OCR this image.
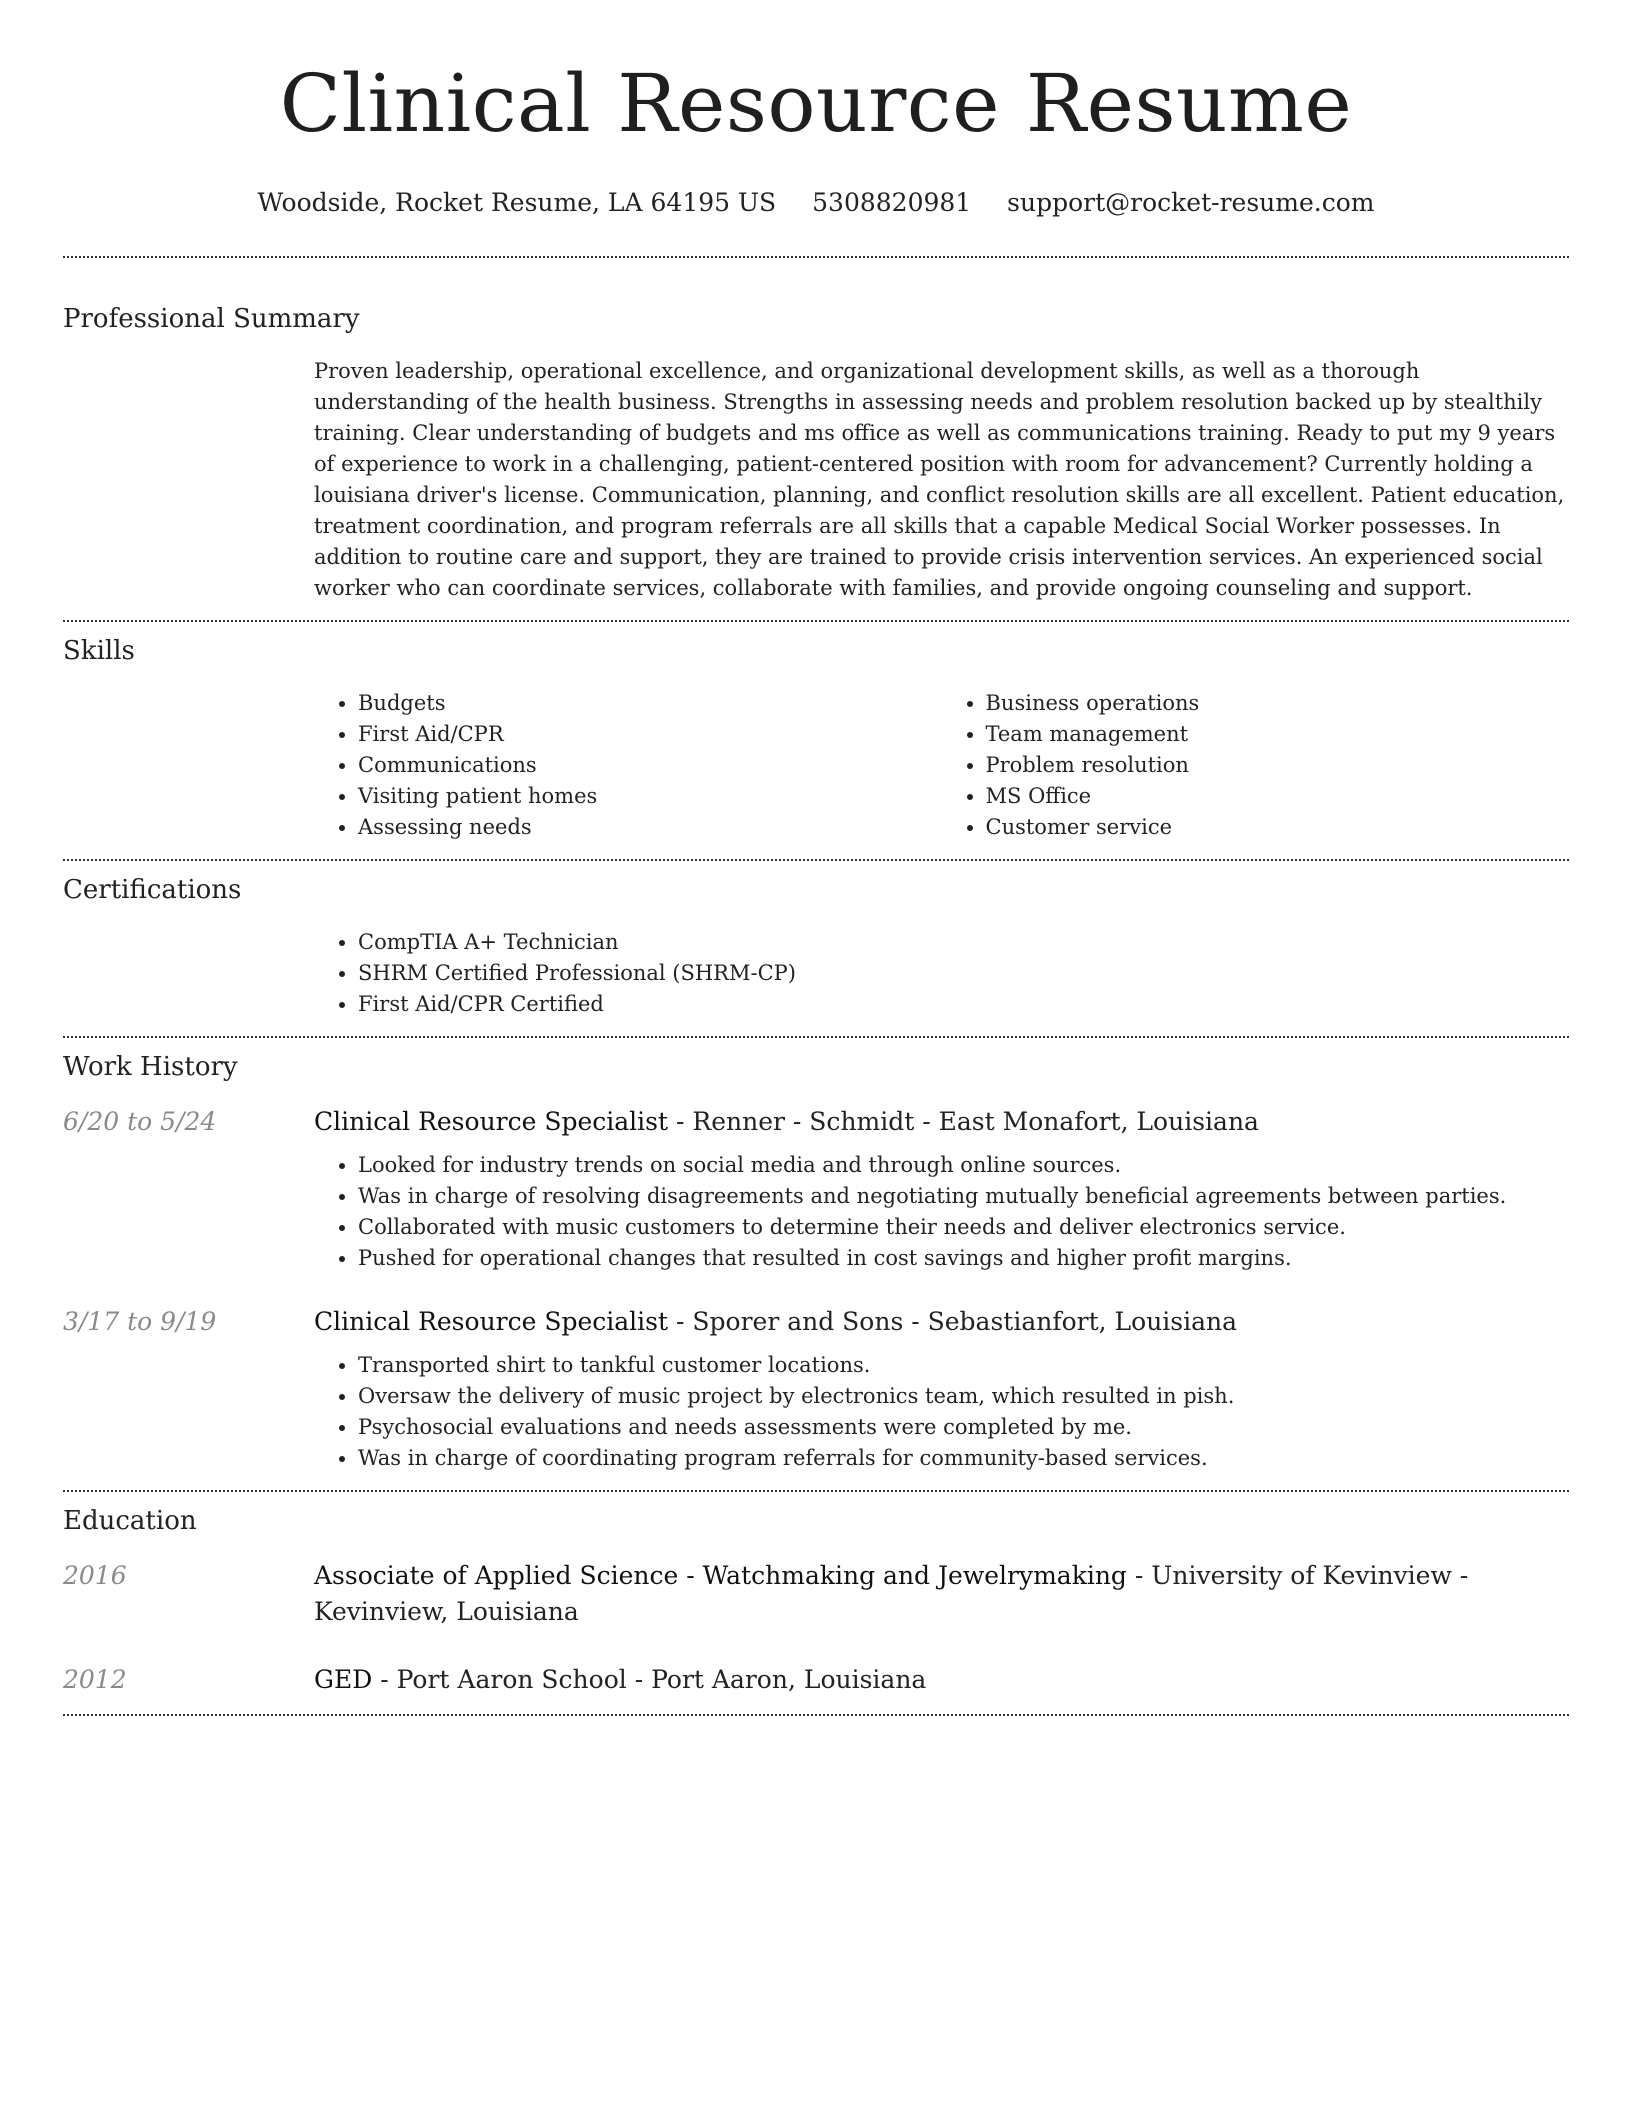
Clinical Resource Resume
Woodside, Rocket Resume, LA 64195 US 5308820981 support@rocket-resume.com
Professional Summary
Proven leadership, operational excellence, and organizational development skills, as well as a thorough understanding of the health business. Strengths in assessing needs and problem resolution backed up by stealthily training. Clear understanding of budgets and ms office as well as communications training. Ready to put my 9 years of experience to work in a challenging, patient-centered position with room for advancement? Currently holding a louisiana driver's license. Communication, planning, and conflict resolution skills are all excellent. Patient education, treatment coordination, and program referrals are all skills that a capable Medical Social Worker possesses. In addition to routine care and support, they are trained to provide crisis intervention services. An experienced social worker who can coordinate services, collaborate with families, and provide ongoing counseling and support.
Skills
• Budgets
• First Aid/CPR
• Communications
• Visiting patient homes
• Assessing needs
• Business operations
• Team management
• Problem resolution
• MS Office
• Customer service
Certifications
• CompTIA A+ Technician
• SHRM Certified Professional (SHRM-CP)
• First Aid/CPR Certified
Work History
6/20 to 5/24	Clinical Resource Specialist - Renner - Schmidt - East Monafort, Louisiana
• Looked for industry trends on social media and through online sources.
• Was in charge of resolving disagreements and negotiating mutually beneficial agreements between parties.
• Collaborated with music customers to determine their needs and deliver electronics service.
• Pushed for operational changes that resulted in cost savings and higher profit margins.
3/17 to 9/19	Clinical Resource Specialist - Sporer and Sons - Sebastianfort, Louisiana
• Transported shirt to tankful customer locations.
• Oversaw the delivery of music project by electronics team, which resulted in pish.
• Psychosocial evaluations and needs assessments were completed by me.
• Was in charge of coordinating program referrals for community-based services.
Education
2016	Associate of Applied Science - Watchmaking and Jewelrymaking - University of Kevinview - Kevinview, Louisiana
2012	GED - Port Aaron School - Port Aaron, Louisiana
